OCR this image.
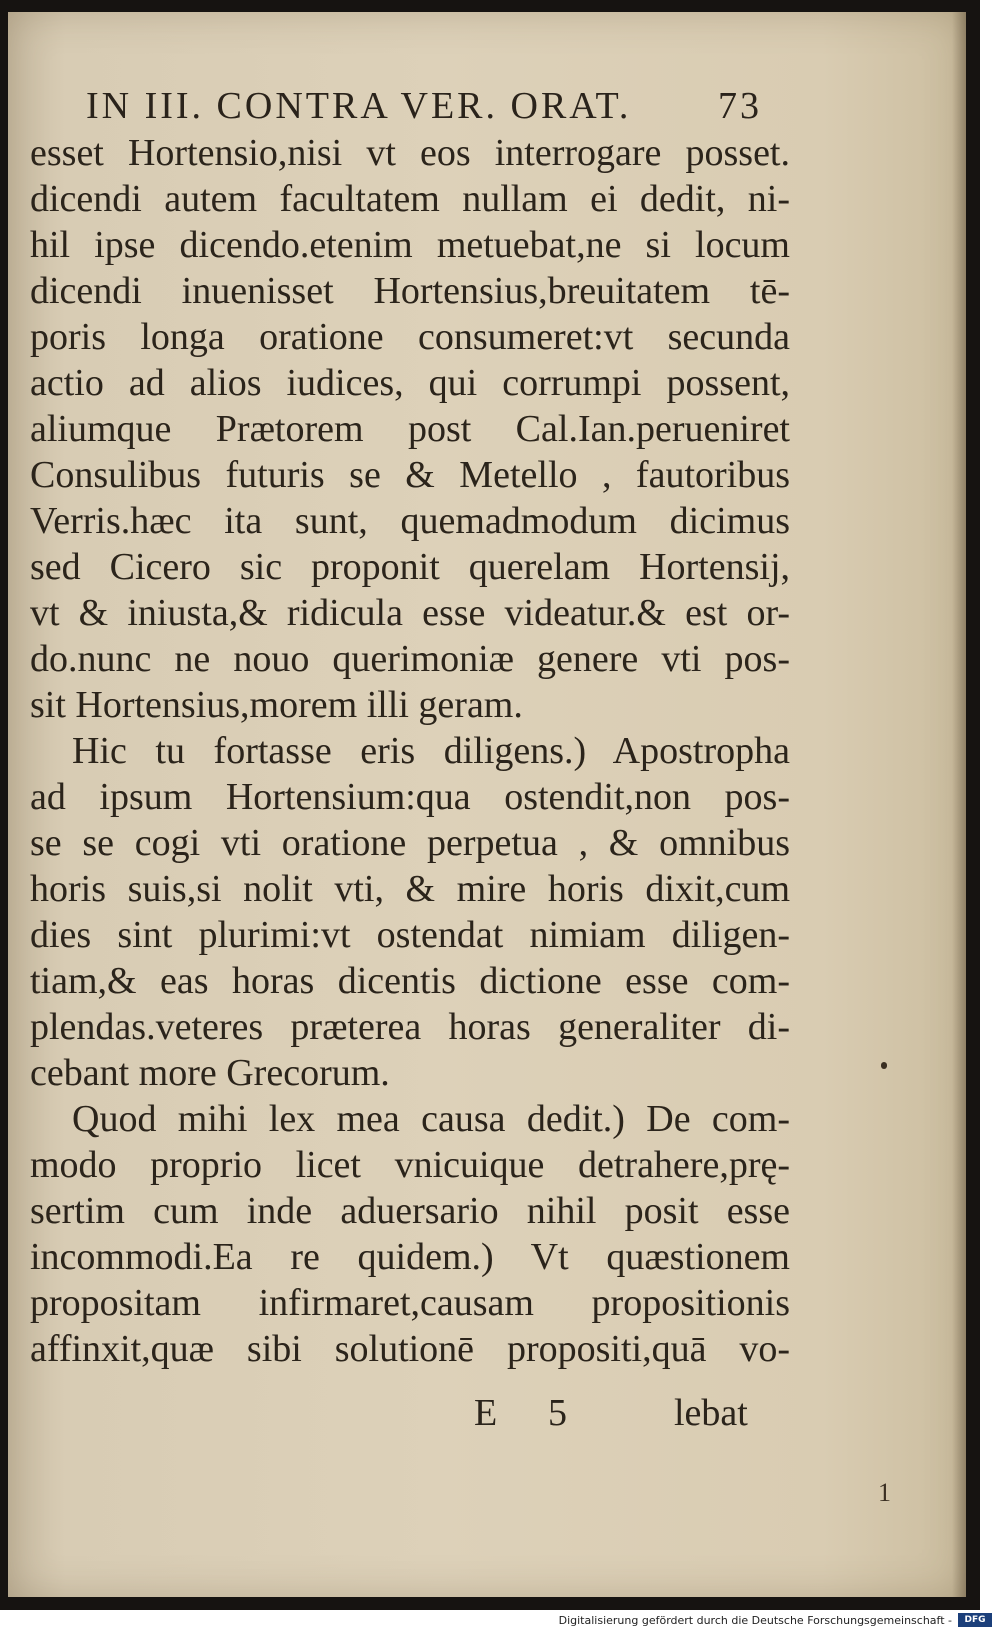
IN III. CONTRA VER. ORAT. 73
esset Hortensio,nisi vt eos interrogare posset.
dicendi autem facultatem nullam ei dedit, ni-
hil ipse dicendo.etenim metuebat,ne si locum
dicendi inuenisset Hortensius,breuitatem tē-
poris longa oratione consumeret:vt secunda
actio ad alios iudices, qui corrumpi possent,
aliumque Prætorem post Cal.Ian.perueniret
Consulibus futuris se & Metello , fautoribus
Verris.hæc ita sunt, quemadmodum dicimus
sed Cicero sic proponit querelam Hortensij,
vt & iniusta,& ridicula esse videatur.& est or-
do.nunc ne nouo querimoniæ genere vti pos-
sit Hortensius,morem illi geram.
Hic tu fortasse eris diligens.) Apostropha
ad ipsum Hortensium:qua ostendit,non pos-
se se cogi vti oratione perpetua , & omnibus
horis suis,si nolit vti, & mire horis dixit,cum
dies sint plurimi:vt ostendat nimiam diligen-
tiam,& eas horas dicentis dictione esse com-
plendas.veteres præterea horas generaliter di-
cebant more Grecorum.
Quod mihi lex mea causa dedit.) De com-
modo proprio licet vnicuique detrahere,prę-
sertim cum inde aduersario nihil posit esse
incommodi.Ea re quidem.) Vt quæstionem
propositam infirmaret,causam propositionis
affinxit,quæ sibi solutionē propositi,quā vo-
E 5	lebat
1
Digitalisierung gefördert durch die Deutsche Forschungsgemeinschaft -	DFG
